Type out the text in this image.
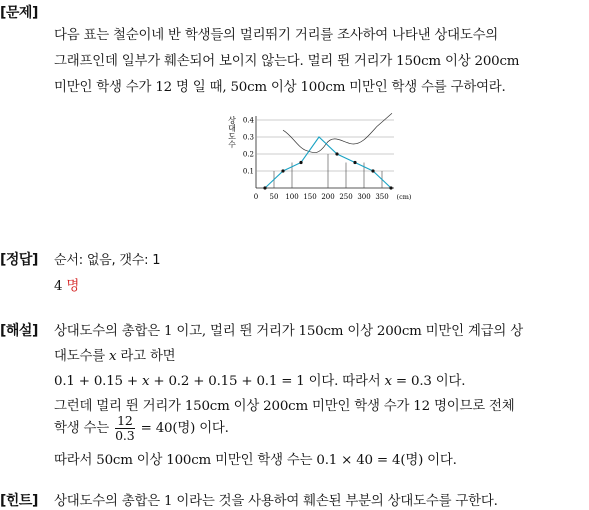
[문제]
다음 표는 철순이네 반 학생들의 멀리뛰기 거리를 조사하여 나타낸 상대도수의
그래프인데 일부가 훼손되어 보이지 않는다. 멀리 뛴 거리가 150cm 이상 200cm
미만인 학생 수가 12 명 일 때, 50cm 이상 100cm 미만인 학생 수를 구하여라.
상대도수
0.1
0.2
0.3
0.4
0 50 100 150 200 250 300 350 (cm)
[정답] 순서: 없음, 갯수: 1
4 명
[해설] 상대도수의 총합은 1 이고, 멀리 뛴 거리가 150cm 이상 200cm 미만인 계급의 상
대도수를 x 라고 하면
0.1 + 0.15 + x + 0.2 + 0.15 + 0.1 = 1 이다. 따라서 x = 0.3 이다.
그런데 멀리 뛴 거리가 150cm 이상 200cm 미만인 학생 수가 12 명이므로 전체
학생 수는 $\frac{12}{0.3} = 40$(명) 이다.
따라서 50cm 이상 100cm 미만인 학생 수는 0.1 × 40 = 4(명) 이다.
[힌트] 상대도수의 총합은 1 이라는 것을 사용하여 훼손된 부분의 상대도수를 구한다.
